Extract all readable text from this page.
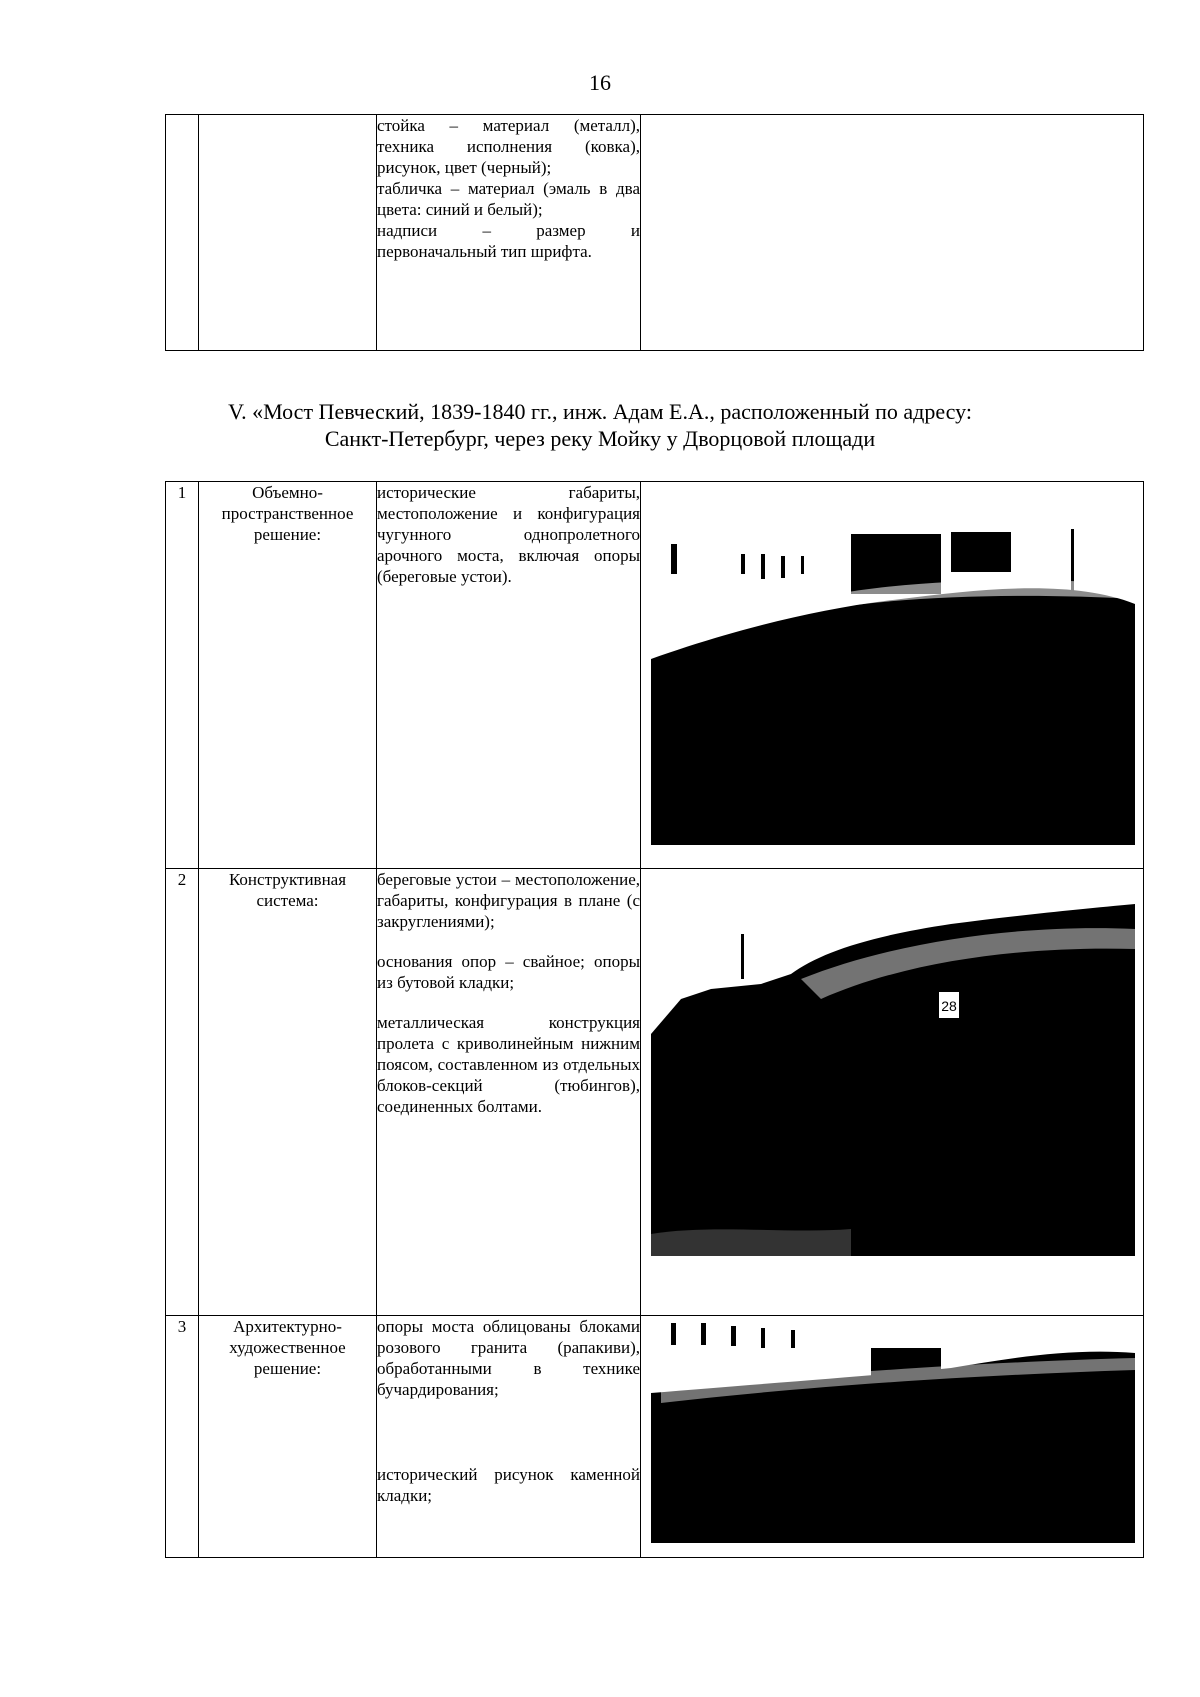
16

стойка – материал (металл), техника исполнения (ковка), рисунок, цвет (черный);
табличка – материал (эмаль в два цвета: синий и белый);
надписи – размер и первоначальный тип шрифта.

V. «Мост Певческий, 1839-1840 гг., инж. Адам Е.А., расположенный по адресу:
Санкт-Петербург, через реку Мойку у Дворцовой площади
1	Объемно-пространственное решение:	исторические габариты, местоположение и конфигурация чугунного однопролетного арочного моста, включая опоры (береговые устои).

2	Конструктивная система:	береговые устои – местоположение, габариты, конфигурация в плане (с закруглениями);
основания опор – свайное; опоры из бутовой кладки;
металлическая конструкция пролета с криволинейным нижним поясом, составленном из отдельных блоков-секций (тюбингов), соединенных болтами.	28

3	Архитектурно-художественное решение:	опоры моста облицованы блоками розового гранита (рапакиви), обработанными в технике бучардирования;
исторический рисунок каменной кладки;
